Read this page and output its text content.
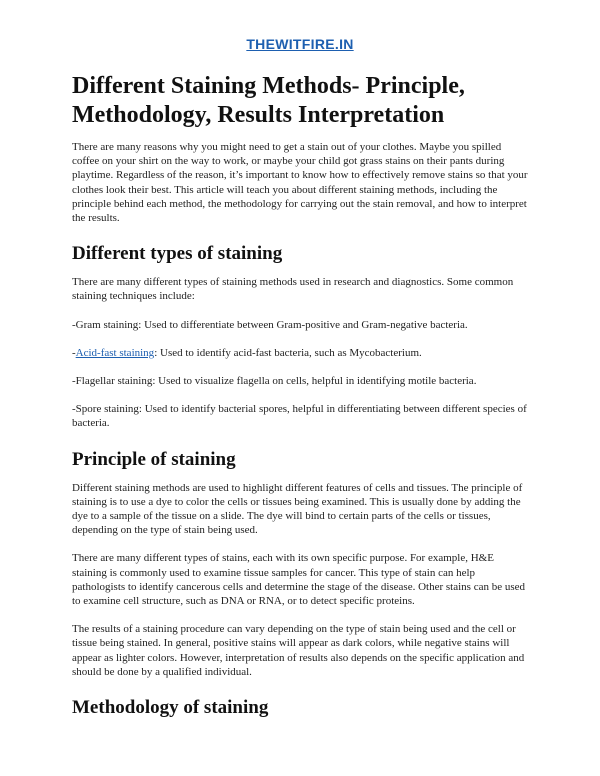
THEWITFIRE.IN
Different Staining Methods- Principle, Methodology, Results Interpretation

There are many reasons why you might need to get a stain out of your clothes. Maybe you spilled coffee on your shirt on the way to work, or maybe your child got grass stains on their pants during playtime. Regardless of the reason, it’s important to know how to effectively remove stains so that your clothes look their best. This article will teach you about different staining methods, including the principle behind each method, the methodology for carrying out the stain removal, and how to interpret the results.

Different types of staining

There are many different types of staining methods used in research and diagnostics. Some common staining techniques include:

-Gram staining: Used to differentiate between Gram-positive and Gram-negative bacteria.

-Acid-fast staining: Used to identify acid-fast bacteria, such as Mycobacterium.

-Flagellar staining: Used to visualize flagella on cells, helpful in identifying motile bacteria.

-Spore staining: Used to identify bacterial spores, helpful in differentiating between different species of bacteria.

Principle of staining

Different staining methods are used to highlight different features of cells and tissues. The principle of staining is to use a dye to color the cells or tissues being examined. This is usually done by adding the dye to a sample of the tissue on a slide. The dye will bind to certain parts of the cells or tissues, depending on the type of stain being used.

There are many different types of stains, each with its own specific purpose. For example, H&E staining is commonly used to examine tissue samples for cancer. This type of stain can help pathologists to identify cancerous cells and determine the stage of the disease. Other stains can be used to examine cell structure, such as DNA or RNA, or to detect specific proteins.

The results of a staining procedure can vary depending on the type of stain being used and the cell or tissue being stained. In general, positive stains will appear as dark colors, while negative stains will appear as lighter colors. However, interpretation of results also depends on the specific application and should be done by a qualified individual.

Methodology of staining
